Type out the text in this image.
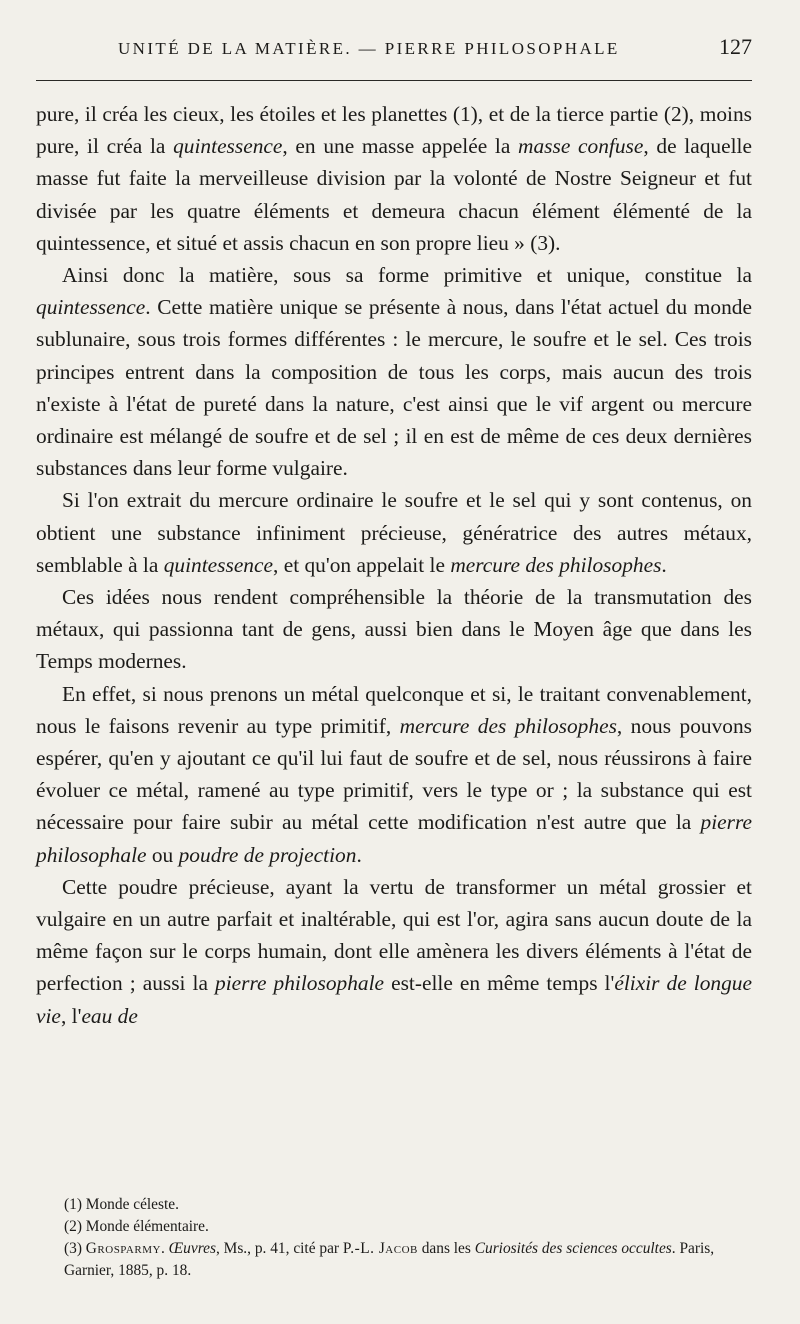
UNITÉ DE LA MATIÈRE. — PIERRE PHILOSOPHALE	127

pure, il créa les cieux, les étoiles et les planettes (1), et de la tierce partie (2), moins pure, il créa la quintessence, en une masse appelée la masse confuse, de laquelle masse fut faite la merveilleuse division par la volonté de Nostre Seigneur et fut divisée par les quatre éléments et demeura chacun élément élémenté de la quintessence, et situé et assis chacun en son propre lieu » (3).

Ainsi donc la matière, sous sa forme primitive et unique, constitue la quintessence. Cette matière unique se présente à nous, dans l'état actuel du monde sublunaire, sous trois formes différentes : le mercure, le soufre et le sel. Ces trois principes entrent dans la composition de tous les corps, mais aucun des trois n'existe à l'état de pureté dans la nature, c'est ainsi que le vif argent ou mercure ordinaire est mélangé de soufre et de sel ; il en est de même de ces deux dernières substances dans leur forme vulgaire.

Si l'on extrait du mercure ordinaire le soufre et le sel qui y sont contenus, on obtient une substance infiniment précieuse, génératrice des autres métaux, semblable à la quintessence, et qu'on appelait le mercure des philosophes.

Ces idées nous rendent compréhensible la théorie de la transmutation des métaux, qui passionna tant de gens, aussi bien dans le Moyen âge que dans les Temps modernes.

En effet, si nous prenons un métal quelconque et si, le traitant convenablement, nous le faisons revenir au type primitif, mercure des philosophes, nous pouvons espérer, qu'en y ajoutant ce qu'il lui faut de soufre et de sel, nous réussirons à faire évoluer ce métal, ramené au type primitif, vers le type or ; la substance qui est nécessaire pour faire subir au métal cette modification n'est autre que la pierre philosophale ou poudre de projection.

Cette poudre précieuse, ayant la vertu de transformer un métal grossier et vulgaire en un autre parfait et inaltérable, qui est l'or, agira sans aucun doute de la même façon sur le corps humain, dont elle amènera les divers éléments à l'état de perfection ; aussi la pierre philosophale est-elle en même temps l'élixir de longue vie, l'eau de

(1) Monde céleste.

(2) Monde élémentaire.

(3) Grosparmy. Œuvres, Ms., p. 41, cité par P.-L. Jacob dans les Curiosités des sciences occultes. Paris, Garnier, 1885, p. 18.
